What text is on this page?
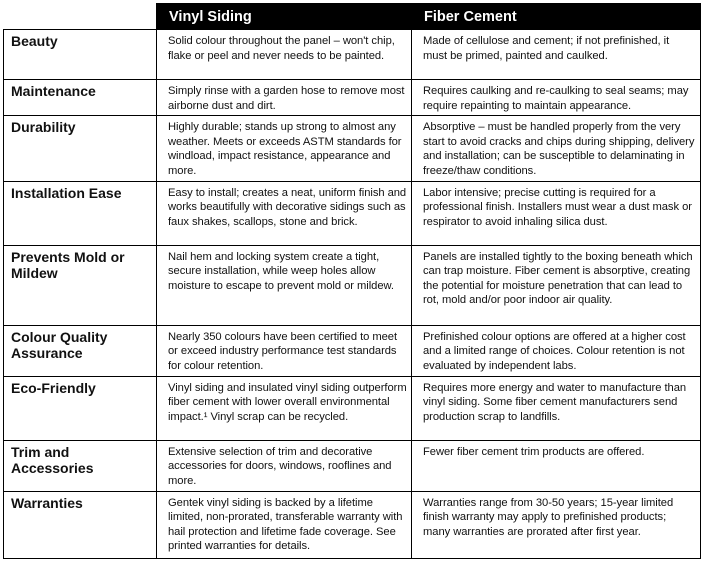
	Vinyl Siding	Fiber Cement
Beauty	Solid colour throughout the panel – won't chip, flake or peel and never needs to be painted.	Made of cellulose and cement; if not prefinished, it must be primed, painted and caulked.
Maintenance	Simply rinse with a garden hose to remove most airborne dust and dirt.	Requires caulking and re-caulking to seal seams; may require repainting to maintain appearance.
Durability	Highly durable; stands up strong to almost any weather. Meets or exceeds ASTM standards for windload, impact resistance, appearance and more.	Absorptive – must be handled properly from the very start to avoid cracks and chips during shipping, delivery and installation; can be susceptible to delaminating in freeze/thaw conditions.
Installation Ease	Easy to install; creates a neat, uniform finish and works beautifully with decorative sidings such as faux shakes, scallops, stone and brick.	Labor intensive; precise cutting is required for a professional finish. Installers must wear a dust mask or respirator to avoid inhaling silica dust.
Prevents Mold or Mildew	Nail hem and locking system create a tight, secure installation, while weep holes allow moisture to escape to prevent mold or mildew.	Panels are installed tightly to the boxing beneath which can trap moisture. Fiber cement is absorptive, creating the potential for moisture penetration that can lead to rot, mold and/or poor indoor air quality.
Colour Quality Assurance	Nearly 350 colours have been certified to meet or exceed industry performance test standards for colour retention.	Prefinished colour options are offered at a higher cost and a limited range of choices. Colour retention is not evaluated by independent labs.
Eco-Friendly	Vinyl siding and insulated vinyl siding outperform fiber cement with lower overall environmental impact.¹ Vinyl scrap can be recycled.	Requires more energy and water to manufacture than vinyl siding. Some fiber cement manufacturers send production scrap to landfills.
Trim and Accessories	Extensive selection of trim and decorative accessories for doors, windows, rooflines and more.	Fewer fiber cement trim products are offered.
Warranties	Gentek vinyl siding is backed by a lifetime limited, non-prorated, transferable warranty with hail protection and lifetime fade coverage. See printed warranties for details.	Warranties range from 30-50 years; 15-year limited finish warranty may apply to prefinished products; many warranties are prorated after first year.
